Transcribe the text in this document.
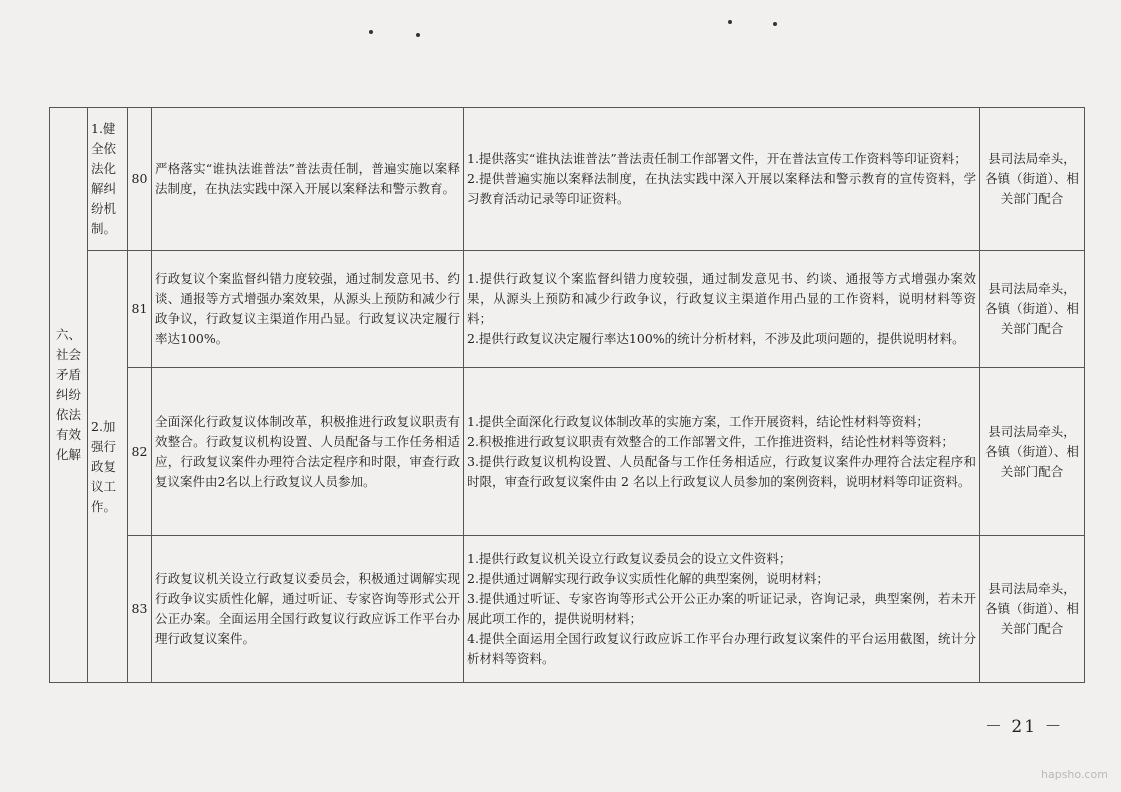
六、社会矛盾纠纷依法有效化解	1.健全依法化解纠纷机制。	80	严格落实“谁执法谁普法”普法责任制，普遍实施以案释法制度，在执法实践中深入开展以案释法和警示教育。	1.提供落实“谁执法谁普法”普法责任制工作部署文件，开在普法宣传工作资料等印证资料；
2.提供普遍实施以案释法制度，在执法实践中深入开展以案释法和警示教育的宣传资料，学习教育活动记录等印证资料。	县司法局牵头，各镇（街道）、相关部门配合
	2.加强行政复议工作。	81	行政复议个案监督纠错力度较强，通过制发意见书、约谈、通报等方式增强办案效果，从源头上预防和减少行政争议，行政复议主渠道作用凸显。行政复议决定履行率达100%。	1.提供行政复议个案监督纠错力度较强，通过制发意见书、约谈、通报等方式增强办案效果，从源头上预防和减少行政争议，行政复议主渠道作用凸显的工作资料，说明材料等资料；
2.提供行政复议决定履行率达100%的统计分析材料，不涉及此项问题的，提供说明材料。	县司法局牵头，各镇（街道）、相关部门配合
		82	全面深化行政复议体制改革，积极推进行政复议职责有效整合。行政复议机构设置、人员配备与工作任务相适应，行政复议案件办理符合法定程序和时限，审查行政复议案件由2名以上行政复议人员参加。	1.提供全面深化行政复议体制改革的实施方案，工作开展资料，结论性材料等资料；
2.积极推进行政复议职责有效整合的工作部署文件，工作推进资料，结论性材料等资料；
3.提供行政复议机构设置、人员配备与工作任务相适应，行政复议案件办理符合法定程序和时限，审查行政复议案件由 2 名以上行政复议人员参加的案例资料，说明材料等印证资料。	县司法局牵头，各镇（街道）、相关部门配合
		83	行政复议机关设立行政复议委员会，积极通过调解实现行政争议实质性化解，通过听证、专家咨询等形式公开公正办案。全面运用全国行政复议行政应诉工作平台办理行政复议案件。	1.提供行政复议机关设立行政复议委员会的设立文件资料；
2.提供通过调解实现行政争议实质性化解的典型案例，说明材料；
3.提供通过听证、专家咨询等形式公开公正办案的听证记录，咨询记录，典型案例，若未开展此项工作的，提供说明材料；
4.提供全面运用全国行政复议行政应诉工作平台办理行政复议案件的平台运用截图，统计分析材料等资料。	县司法局牵头，各镇（街道）、相关部门配合
－ 21 －
hapsho.com
